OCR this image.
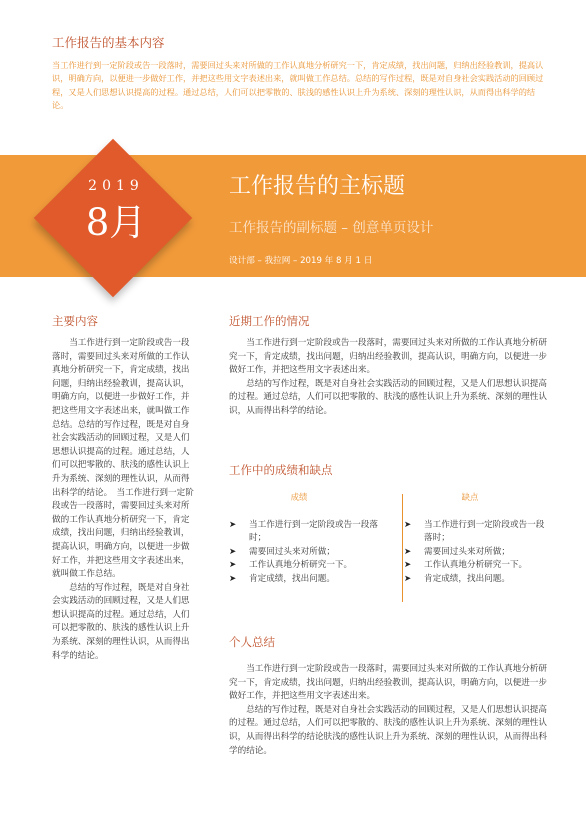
工作报告的基本内容
当工作进行到一定阶段或告一段落时，需要回过头来对所做的工作认真地分析研究一下，肯定成绩，找出问题，归纳出经验教训，提高认识，明确方向，以便进一步做好工作，并把这些用文字表述出来，就叫做工作总结。总结的写作过程，既是对自身社会实践活动的回顾过程，又是人们思想认识提高的过程。通过总结，人们可以把零散的、肤浅的感性认识上升为系统、深刻的理性认识，从而得出科学的结论。
2019
8月
工作报告的主标题
工作报告的副标题 – 创意单页设计
设计部 – 我拉网 – 2019 年 8 月 1 日
主要内容

当工作进行到一定阶段或告一段落时，需要回过头来对所做的工作认真地分析研究一下，肯定成绩，找出问题，归纳出经验教训，提高认识，明确方向，以便进一步做好工作，并把这些用文字表述出来，就叫做工作总结。总结的写作过程，既是对自身社会实践活动的回顾过程，又是人们思想认识提高的过程。通过总结，人们可以把零散的、肤浅的感性认识上升为系统、深刻的理性认识，从而得出科学的结论。　当工作进行到一定阶段或告一段落时，需要回过头来对所做的工作认真地分析研究一下，肯定成绩，找出问题，归纳出经验教训，提高认识，明确方向，以便进一步做好工作，并把这些用文字表述出来，就叫做工作总结。

总结的写作过程，既是对自身社会实践活动的回顾过程，又是人们思想认识提高的过程。通过总结，人们可以把零散的、肤浅的感性认识上升为系统、深刻的理性认识，从而得出科学的结论。

近期工作的情况

当工作进行到一定阶段或告一段落时，需要回过头来对所做的工作认真地分析研究一下，肯定成绩，找出问题，归纳出经验教训，提高认识，明确方向，以便进一步做好工作，并把这些用文字表述出来。

总结的写作过程，既是对自身社会实践活动的回顾过程，又是人们思想认识提高的过程。通过总结，人们可以把零散的、肤浅的感性认识上升为系统、深刻的理性认识，从而得出科学的结论。

工作中的成绩和缺点
成绩	缺点
➤ 当工作进行到一定阶段或告一段落时；
➤ 需要回过头来对所做；
➤ 工作认真地分析研究一下。
➤ 肯定成绩，找出问题。
➤ 当工作进行到一定阶段或告一段落时；
➤ 需要回过头来对所做；
➤ 工作认真地分析研究一下。
➤ 肯定成绩，找出问题。
个人总结

当工作进行到一定阶段或告一段落时，需要回过头来对所做的工作认真地分析研究一下，肯定成绩，找出问题，归纳出经验教训，提高认识，明确方向，以便进一步做好工作，并把这些用文字表述出来。

总结的写作过程，既是对自身社会实践活动的回顾过程，又是人们思想认识提高的过程。通过总结，人们可以把零散的、肤浅的感性认识上升为系统、深刻的理性认识，从而得出科学的结论肤浅的感性认识上升为系统、深刻的理性认识，从而得出科学的结论。
